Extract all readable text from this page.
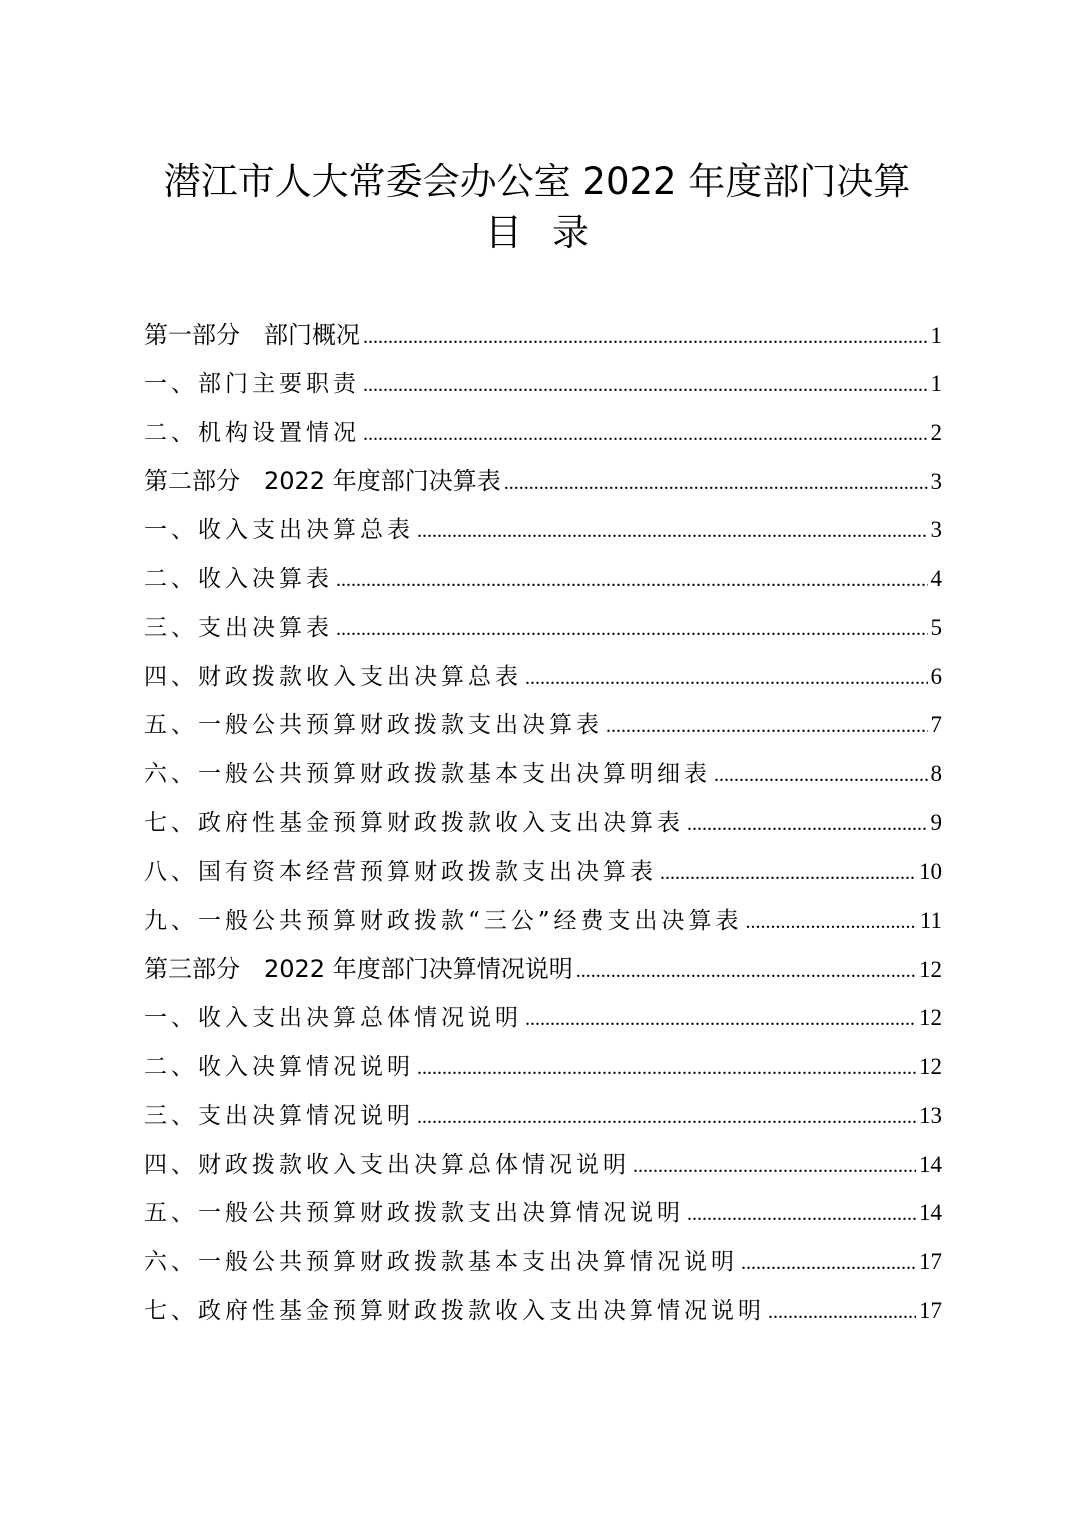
潜江市人大常委会办公室 2022 年度部门决算
目录
第一部分　部门概况 .....	1
一、部门主要职责 .....	1
二、机构设置情况 .....	2
第二部分　2022 年度部门决算表 .....	3
一、收入支出决算总表 .....	3
二、收入决算表 .....	4
三、支出决算表 .....	5
四、财政拨款收入支出决算总表 .....	6
五、一般公共预算财政拨款支出决算表 .....	7
六、一般公共预算财政拨款基本支出决算明细表 .....	8
七、政府性基金预算财政拨款收入支出决算表 .....	9
八、国有资本经营预算财政拨款支出决算表 .....	10
九、一般公共预算财政拨款“三公”经费支出决算表 .....	11
第三部分　2022 年度部门决算情况说明 .....	12
一、收入支出决算总体情况说明 .....	12
二、收入决算情况说明 .....	12
三、支出决算情况说明 .....	13
四、财政拨款收入支出决算总体情况说明 .....	14
五、一般公共预算财政拨款支出决算情况说明 .....	14
六、一般公共预算财政拨款基本支出决算情况说明 .....	17
七、政府性基金预算财政拨款收入支出决算情况说明 .....	17
